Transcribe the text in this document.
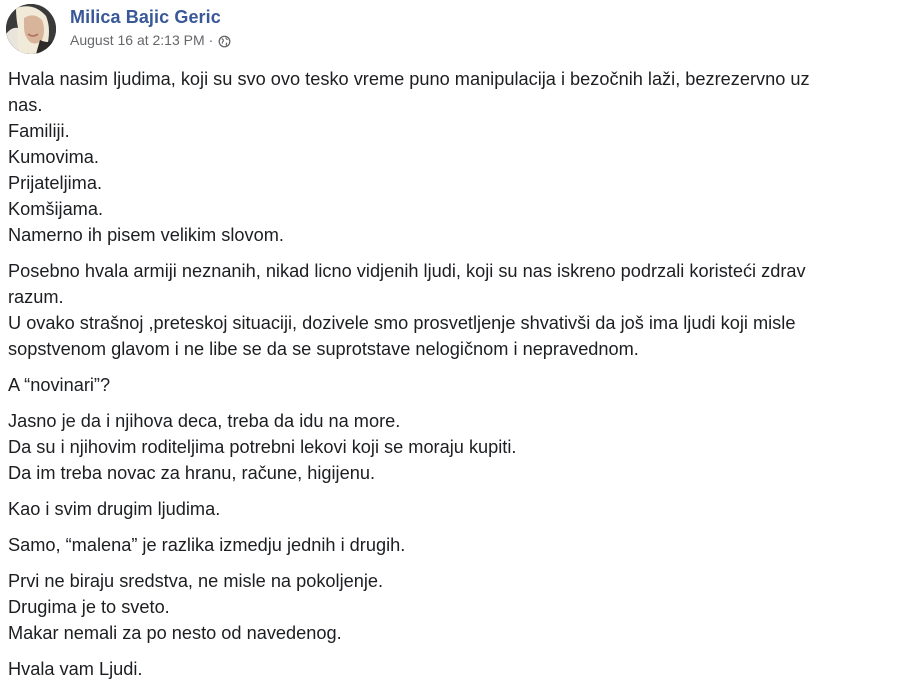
Milica Bajic Geric
August 16 at 2:13 PM ·
Hvala nasim ljudima, koji su svo ovo tesko vreme puno manipulacija i bezočnih laži, bezrezervno uz
nas.
Familiji.
Kumovima.
Prijateljima.
Komšijama.
Namerno ih pisem velikim slovom.
Posebno hvala armiji neznanih, nikad licno vidjenih ljudi, koji su nas iskreno podrzali koristeći zdrav
razum.
U ovako strašnoj ,preteskoj situaciji, dozivele smo prosvetljenje shvativši da još ima ljudi koji misle
sopstvenom glavom i ne libe se da se suprotstave nelogičnom i nepravednom.
A “novinari”?
Jasno je da i njihova deca, treba da idu na more.
Da su i njihovim roditeljima potrebni lekovi koji se moraju kupiti.
Da im treba novac za hranu, račune, higijenu.
Kao i svim drugim ljudima.
Samo, “malena” je razlika izmedju jednih i drugih.
Prvi ne biraju sredstva, ne misle na pokoljenje.
Drugima je to sveto.
Makar nemali za po nesto od navedenog.
Hvala vam Ljudi.
